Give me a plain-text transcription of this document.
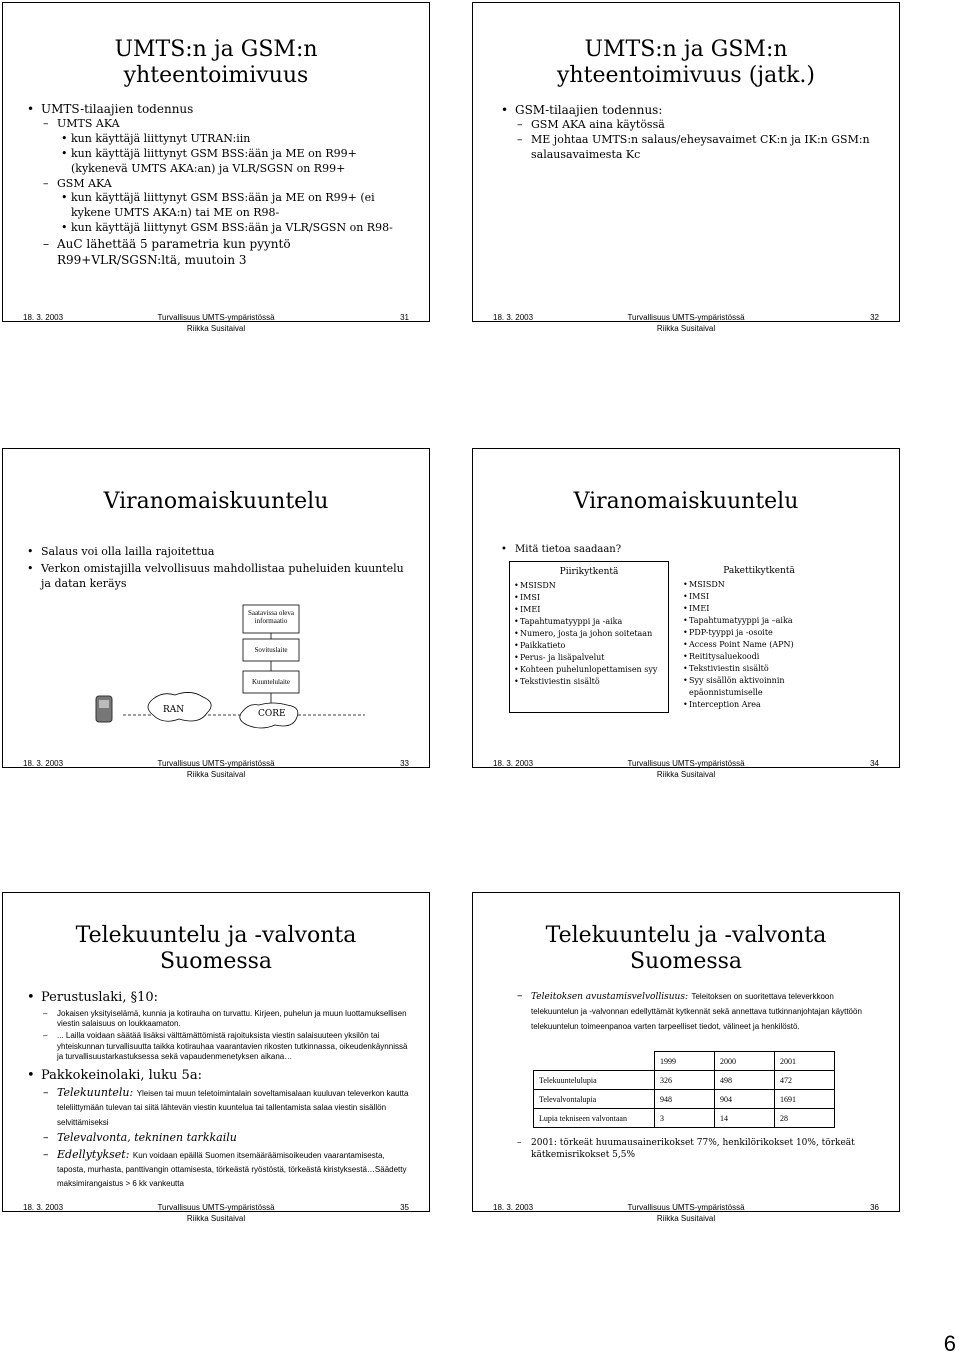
UMTS:n ja GSM:n yhteentoimivuus
• UMTS-tilaajien todennus
– UMTS AKA
• kun käyttäjä liittynyt UTRAN:iin
• kun käyttäjä liittynyt GSM BSS:ään ja ME on R99+ (kykenevä UMTS AKA:an) ja VLR/SGSN on R99+
– GSM AKA
• kun käyttäjä liittynyt GSM BSS:ään ja ME on R99+ (ei kykene UMTS AKA:n) tai ME on R98-
• kun käyttäjä liittynyt GSM BSS:ään ja VLR/SGSN on R98-
– AuC lähettää 5 parametria kun pyyntö R99+VLR/SGSN:ltä, muutoin 3
18. 3. 2003	Turvallisuus UMTS-ympäristössä
Riikka Susitaival
31
UMTS:n ja GSM:n yhteentoimivuus (jatk.)
• GSM-tilaajien todennus:
– GSM AKA aina käytössä
– ME johtaa UMTS:n salaus/eheysavaimet CK:n ja IK:n GSM:n salausavaimesta Kc
18. 3. 2003	Turvallisuus UMTS-ympäristössä
Riikka Susitaival
32
Viranomaiskuuntelu
• Salaus voi olla lailla rajoitettua
• Verkon omistajilla velvollisuus mahdollistaa puheluiden kuuntelu ja datan keräys
Saatavissa oleva informaatio
Sovituslaite
Kuuntelulaite
RAN	CORE
18. 3. 2003	Turvallisuus UMTS-ympäristössä
Riikka Susitaival
33
Viranomaiskuuntelu
• Mitä tietoa saadaan?
Piirikytkentä
• MSISDN
• IMSI
• IMEI
• Tapahtumatyyppi ja -aika
• Numero, josta ja johon soitetaan
• Paikkatieto
• Perus- ja lisäpalvelut
• Kohteen puhelunlopettamisen syy
• Tekstiviestin sisältö
Pakettikytkentä
• MSISDN
• IMSI
• IMEI
• Tapahtumatyyppi ja –aika
• PDP-tyyppi ja -osoite
• Access Point Name (APN)
• Reititysaluekoodi
• Tekstiviestin sisältö
• Syy sisällön aktivoinnin epäonnistumiselle
• Interception Area
18. 3. 2003	Turvallisuus UMTS-ympäristössä
Riikka Susitaival
34
Telekuuntelu ja -valvonta Suomessa
• Perustuslaki, §10:
– Jokaisen yksityiselämä, kunnia ja kotirauha on turvattu. Kirjeen, puhelun ja muun luottamuksellisen viestin salaisuus on loukkaamaton.
– ... Lailla voidaan säätää lisäksi välttämättömistä rajoituksista viestin salaisuuteen yksilön tai yhteiskunnan turvallisuutta taikka kotirauhaa vaarantavien rikosten tutkinnassa, oikeudenkäynnissä ja turvallisuustarkastuksessa sekä vapaudenmenetyksen aikana…
• Pakkokeinolaki, luku 5a:
– Telekuuntelu: Yleisen tai muun teletoimintalain soveltamisalaan kuuluvan televerkon kautta teleliittymään tulevan tai siitä lähtevän viestin kuuntelua tai tallentamista salaa viestin sisällön selvittämiseksi
– Televalvonta, tekninen tarkkailu
– Edellytykset: Kun voidaan epäillä Suomen itsemääräämisoikeuden vaarantamisesta, taposta, murhasta, panttivangin ottamisesta, törkeästä ryöstöstä, törkeästä kiristyksestä…Säädetty maksimirangaistus > 6 kk vankeutta
18. 3. 2003	Turvallisuus UMTS-ympäristössä
Riikka Susitaival
35
Telekuuntelu ja -valvonta Suomessa
– Teleitoksen avustamisvelvollisuus: Teleitoksen on suoritettava televerkkoon telekuuntelun ja -valvonnan edellyttämät kytkennät sekä annettava tutkinnanjohtajan käyttöön telekuuntelun toimeenpanoa varten tarpeelliset tiedot, välineet ja henkilöstö.
	1999	2000	2001
Telekuuntelulupia	326	498	472
Televalvontalupia	948	904	1691
Lupia tekniseen valvontaan	3	14	28
– 2001: törkeät huumausainerikokset 77%, henkilörikokset 10%, törkeät kätkemisrikokset 5,5%
18. 3. 2003	Turvallisuus UMTS-ympäristössä
Riikka Susitaival
36
6
